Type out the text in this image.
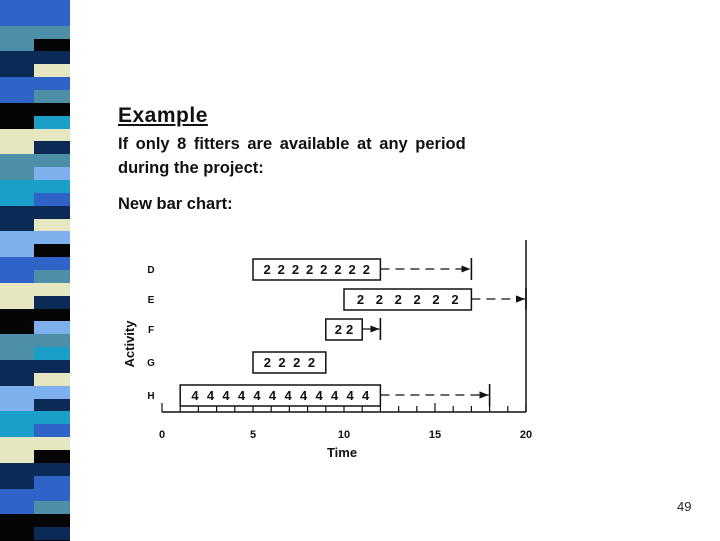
Example
If only 8 fitters are available at any period
during the project:
New bar chart:
0	5	10	15	20
Time
Activity
D	2 2 2 2 2 2 2 2
E	2 2 2 2 2 2
F	2 2
G	2 2 2 2
H	4 4 4 4 4 4 4 4 4 4 4 4
49
